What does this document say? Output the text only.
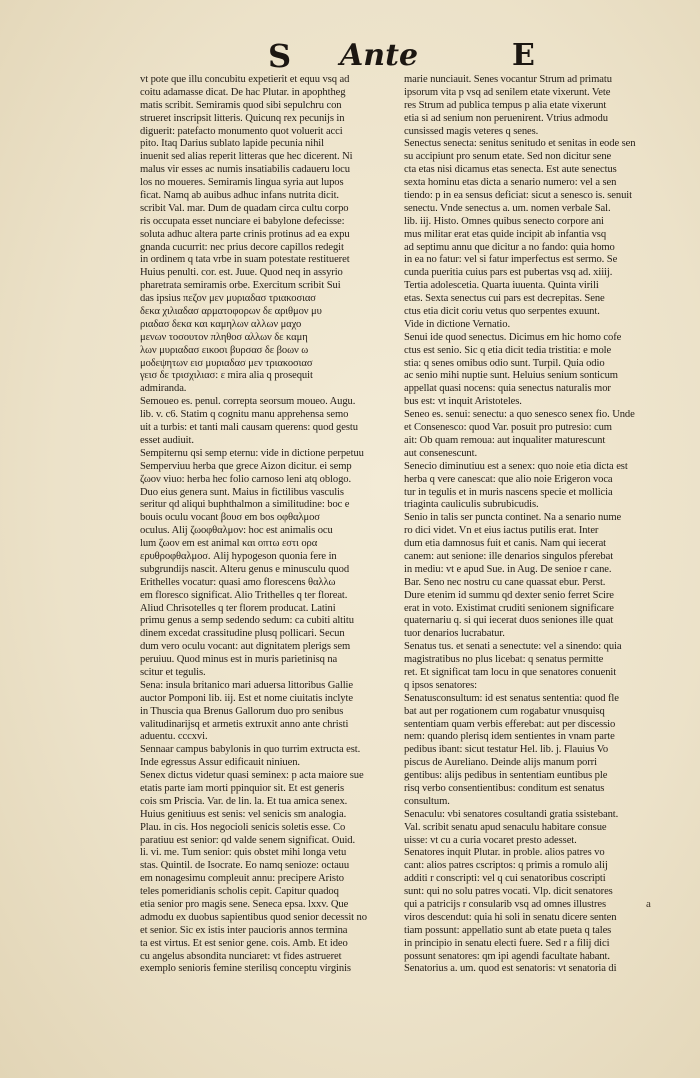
S Ante	E
vt pote que illu concubitu expetierit et equu vsq ad
coitu adamasse dicat. De hac Plutar. in apophtheg
matis scribit. Semiramis quod sibi sepulchru con
strueret inscripsit litteris. Quicunq rex pecunijs in
diguerit: patefacto monumento quot voluerit acci
pito. Itaq Darius sublato lapide pecunia nihil
inuenit sed alias reperit litteras que hec dicerent. Ni
malus vir esses ac numis insatiabilis cadaueru locu
los no moueres. Semiramis lingua syria aut lupos
ficat. Namq ab auibus adhuc infans nutrita dicit.
scribit Val. mar. Dum de quadam circa cultu corpo
ris occupata esset nunciare ei babylone defecisse:
soluta adhuc altera parte crinis protinus ad ea expu
gnanda cucurrit: nec prius decore capillos redegit
in ordinem q tata vrbe in suam potestate restitueret
Huius penulti. cor. est. Juue. Quod neq in assyrio
pharetrata semiramis orbe. Exercitum scribit Sui
das ipsius πεζον μεν μυριαδασ τριακοσιασ
δεκα χιλιαδασ αρματοφορων δε αριθμον μυ
ριαδασ δεκα και καμηλων αλλων μαχο
μενων τοσουτον πληθοσ αλλων δε καμη
λων μυριαδασ εικοσι βυρσασ δε βοων ω
μοδεψητων εισ μυριαδασ μεν τριακοσιασ
γεισ δε τρισχιλιασ: ε mira alia q prosequit
admiranda.
Semoueo es. penul. correpta seorsum moueo. Augu.
lib. v. c6. Statim q cognitu manu apprehensa semo
uit a turbis: et tanti mali causam querens: quod gestu
esset audiuit.
Sempiternu qsi semp eternu: vide in dictione perpetuu
Semperviuu herba que grece Aizon dicitur. ei semp
ζωον viuo: herba hec folio carnoso leni atq oblogo.
Duo eius genera sunt. Maius in fictilibus vasculis
seritur qd aliqui buphthalmon a similitudine: boc e
bouis oculu vocant βουσ em bos οφθαλμοσ
oculus. Alij ζωοφθαλμον: hoc est animalis ocu
lum ζωον em est animal και οπτω εστι ορα
ερυθροφθαλμοσ. Alij hypogeson quonia fere in
subgrundijs nascit. Alteru genus e minusculu quod
Erithelles vocatur: quasi amo florescens θαλλω
em floresco significat. Alio Trithelles q ter floreat.
Aliud Chrisotelles q ter florem producat. Latini
primu genus a semp sedendo sedum: ca cubiti altitu
dinem excedat crassitudine plusq pollicari. Secun
dum vero oculu vocant: aut dignitatem plerigs sem
peruiuu. Quod minus est in muris parietinisq na
scitur et tegulis.
Sena: insula britanico mari aduersa littoribus Gallie
auctor Pomponi lib. iij. Est et nome ciuitatis inclyte
in Thuscia qua Brenus Gallorum duo pro senibus
valitudinarijsq et armetis extruxit anno ante christi
aduentu. cccxvi.
Sennaar campus babylonis in quo turrim extructa est.
Inde egressus Assur edificauit niniuen.
Senex dictus videtur quasi seminex: p acta maiore sue
etatis parte iam morti ppinquior sit. Et est generis
cois sm Priscia. Var. de lin. la. Et tua amica senex.
Huius genitiuus est senis: vel senicis sm analogia.
Plau. in cis. Hos negocioli senicis soletis esse. Co
paratiuu est senior: qd valde senem significat. Ouid.
li. vi. me. Tum senior: quis obstet mihi longa vetu
stas. Quintil. de Isocrate. Eo namq senioze: octauu
em nonagesimu compleuit annu: precipere Aristo
teles pomeridianis scholis cepit. Capitur quadoq
etia senior pro magis sene. Seneca epsa. lxxv. Que
admodu ex duobus sapientibus quod senior decessit no
et senior. Sic ex istis inter paucioris annos termina
ta est virtus. Et est senior gene. cois. Amb. Et ideo
cu angelus absondita nunciaret: vt fides astrueret
exemplo senioris femine sterilisq conceptu virginis
marie nunciauit. Senes vocantur Strum ad primatu
ipsorum vita p vsq ad senilem etate vixerunt. Vete
res Strum ad publica tempus p alia etate vixerunt
etia si ad senium non peruenirent. Vtrius admodu
cunsissed magis veteres q senes.
Senectus senecta: senitus senitudo et senitas in eode sen
su accipiunt pro senum etate. Sed non dicitur sene
cta etas nisi dicamus etas senecta. Est aute senectus
sexta hominu etas dicta a senario numero: vel a sen
tiendo: p in ea sensus deficiat: sicut a senesco is. senuit
senectu. Vnde senectus a. um. nomen verbale Sal.
lib. iij. Histo. Omnes quibus senecto corpore ani
mus militar erat etas quide incipit ab infantia vsq
ad septimu annu que dicitur a no fando: quia homo
in ea no fatur: vel si fatur imperfectus est sermo. Se
cunda pueritia cuius pars est pubertas vsq ad. xiiij.
Tertia adolescetia. Quarta iuuenta. Quinta virili
etas. Sexta senectus cui pars est decrepitas. Sene
ctus etia dicit coriu vetus quo serpentes exuunt.
Vide in dictione Vernatio.
Senui ide quod senectus. Dicimus em hic homo cofe
ctus est senio. Sic q etia dicit tedia tristitia: e mole
stia: q senes omibus odio sunt. Turpil. Quia odio
ac senio mihi nuptie sunt. Heluius senium sonticum
appellat quasi nocens: quia senectus naturalis mor
bus est: vt inquit Aristoteles.
Seneo es. senui: senectu: a quo senesco senex fio. Unde
et Consenesco: quod Var. posuit pro putresio: cum
ait: Ob quam remoua: aut inqualiter maturescunt
aut consenescunt.
Senecio diminutiuu est a senex: quo noie etia dicta est
herba q vere canescat: que alio noie Erigeron voca
tur in tegulis et in muris nascens specie et mollicia
triaginta cauliculis subrubicudis.
Senio in talis ser puncta continet. Na a senario nume
ro dici videt. Vn et eius iactus putilis erat. Inter
dum etia damnosus fuit et canis. Nam qui iecerat
canem: aut senione: ille denarios singulos pferebat
in mediu: vt e apud Sue. in Aug. De senioe r cane.
Bar. Seno nec nostru cu cane quassat ebur. Perst.
Dure etenim id summu qd dexter senio ferret Scire
erat in voto. Existimat cruditi senionem significare
quaternariu q. si qui iecerat duos seniones ille quat
tuor denarios lucrabatur.
Senatus tus. et senati a senectute: vel a sinendo: quia
magistratibus no plus licebat: q senatus permitte
ret. Et significat tam locu in que senatores conuenit
q ipsos senatores:
Senatusconsultum: id est senatus sententia: quod fle
bat aut per rogationem cum rogabatur vnusquisq
sententiam quam verbis efferebat: aut per discessio
nem: quando plerisq idem sentientes in vnam parte
pedibus ibant: sicut testatur Hel. lib. j. Flauius Vo
piscus de Aureliano. Deinde alijs manum porri
gentibus: alijs pedibus in sententiam euntibus ple
risq verbo consentientibus: conditum est senatus
consultum.
Senaculu: vbi senatores cosultandi gratia ssistebant.
Val. scribit senatu apud senaculu habitare consue
uisse: vt cu a curia vocaret presto adesset.
Senatores inquit Plutar. in proble. alios patres vo
cant: alios patres cscriptos: q primis a romulo alij
additi r conscripti: vel q cui senatoribus coscripti
sunt: qui no solu patres vocati. Vlp. dicit senatores
qui a patricijs r consularib vsq ad omnes illustres
viros descendut: quia hi soli in senatu dicere senten
tiam possunt: appellatio sunt ab etate pueta q tales
in principio in senatu electi fuere. Sed r a filij dici
possunt senatores: qm ipi agendi facultate habant.
Senatorius a. um. quod est senatoris: vt senatoria di
a
